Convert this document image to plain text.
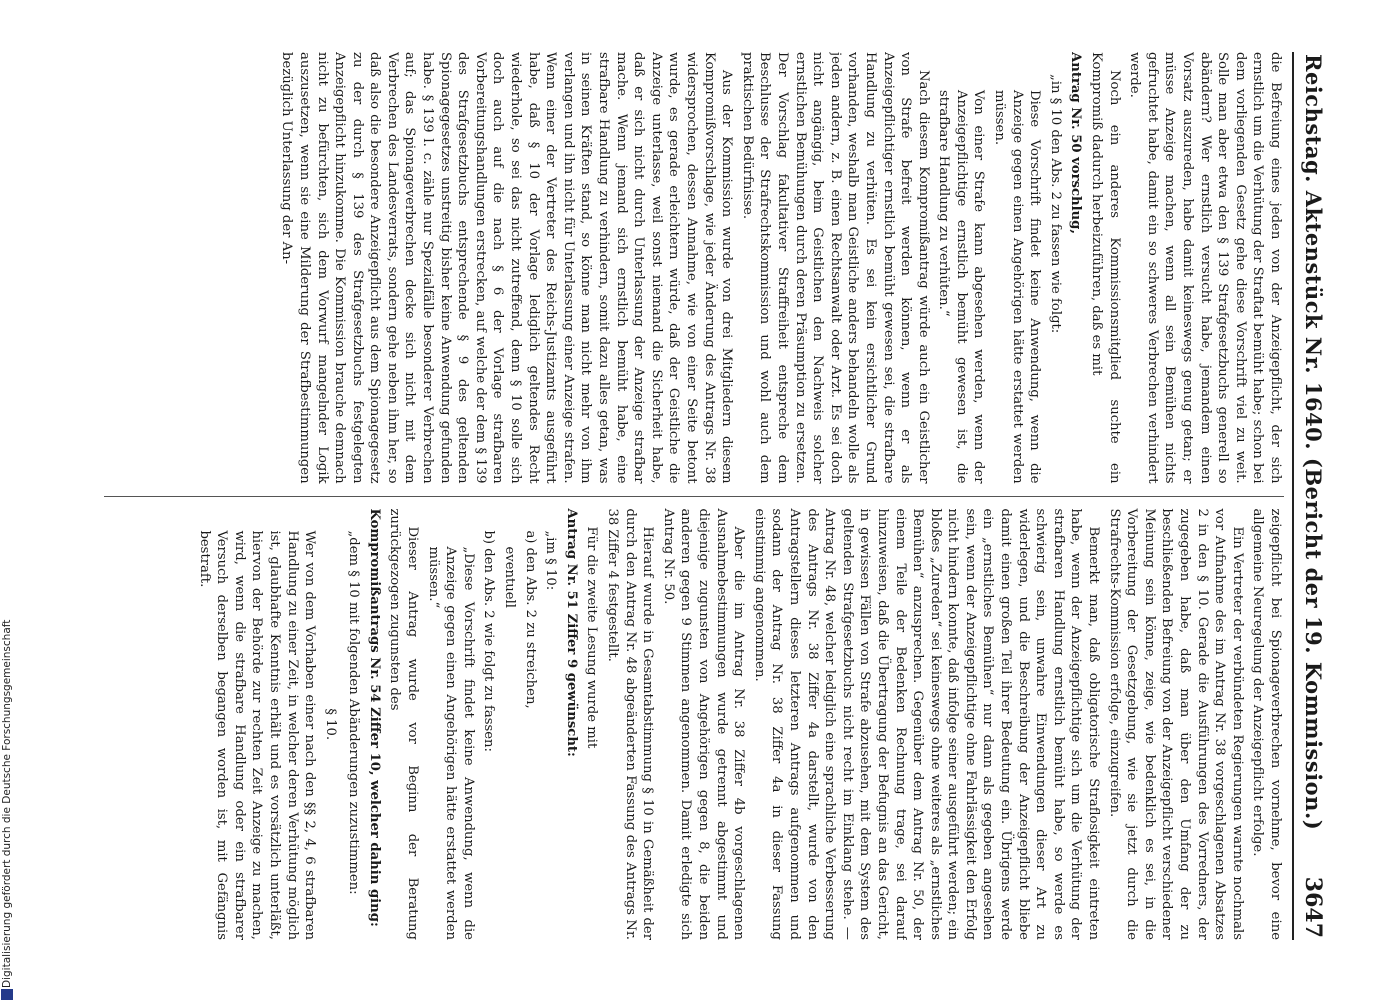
Reichstag. Aktenstück Nr. 1640. (Bericht der 19. Kommission.)
3647

die Befreiung eines jeden von der Anzeigepflicht, der sich ernstlich um die Verhütung der Straftat bemüht habe; schon bei dem vorliegenden Gesetz gehe diese Vorschrift viel zu weit. Solle man aber etwa den § 139 Strafgesetzbuchs generell so abändern? Wer ernstlich versucht habe, jemandem einen Vorsatz auszureden, habe damit keineswegs genug getan; er müsse Anzeige machen, wenn all sein Bemühen nichts gefruchtet habe, damit ein so schweres Verbrechen verhindert werde.

Noch ein anderes Kommissionsmitglied suchte ein Kompromiß dadurch herbeizuführen, daß es mit

Antrag Nr. 50 vorschlug,

„in § 10 den Abs. 2 zu fassen wie folgt:

Diese Vorschrift findet keine Anwendung, wenn die Anzeige gegen einen Angehörigen hätte erstattet werden müssen.

Von einer Strafe kann abgesehen werden, wenn der Anzeigepflichtige ernstlich bemüht gewesen ist, die strafbare Handlung zu verhüten.“

Nach diesem Kompromißantrag würde auch ein Geistlicher von Strafe befreit werden können, wenn er als Anzeigepflichtiger ernstlich bemüht gewesen sei, die strafbare Handlung zu verhüten. Es sei kein ersichtlicher Grund vorhanden, weshalb man Geistliche anders behandeln wolle als jeden andern, z. B. einen Rechtsanwalt oder Arzt. Es sei doch nicht angängig, beim Geistlichen den Nachweis solcher ernstlichen Bemühungen durch deren Präsumption zu ersetzen. Der Vorschlag fakultativer Straffreiheit entspreche dem Beschlusse der Strafrechtskommission und wohl auch dem praktischen Bedürfnisse.

Aus der Kommission wurde von drei Mitgliedern diesem Kompromißvorschlage, wie jeder Änderung des Antrags Nr. 38 widersprochen, dessen Annahme, wie von einer Seite betont wurde, es gerade erleichtern würde, daß der Geistliche die Anzeige unterlasse, weil sonst niemand die Sicherheit habe, daß er sich nicht durch Unterlassung der Anzeige strafbar mache. Wenn jemand sich ernstlich bemüht habe, eine strafbare Handlung zu verhindern, somit dazu alles getan, was in seinen Kräften stand, so könne man nicht mehr von ihm verlangen und ihn nicht für Unterlassung einer Anzeige strafen. Wenn einer der Vertreter des Reichs-Justizamts ausgeführt habe, daß § 10 der Vorlage lediglich geltendes Recht wiederhole, so sei das nicht zutreffend, denn § 10 solle sich doch auch auf die nach § 6 der Vorlage strafbaren Vorbereitungshandlungen erstrecken, auf welche der dem § 139 des Strafgesetzbuchs entsprechende § 9 des geltenden Spionagegesetzes unstreitig bisher keine Anwendung gefunden habe. § 139 l. c. zähle nur Spezialfälle besonderer Verbrechen auf; das Spionageverbrechen decke sich nicht mit dem Verbrechen des Landesverrats, sondern gehe neben ihm her, so daß also die besondere Anzeigepflicht aus dem Spionagegesetz zu der durch § 139 des Strafgesetzbuchs festgelegten Anzeigepflicht hinzukomme. Die Kommission brauche demnach nicht zu befürchten, sich dem Vorwurf mangelnder Logik auszusetzen, wenn sie eine Milderung der Strafbestimmungen bezüglich Unterlassung der An-

zeigepflicht bei Spionageverbrechen vornehme, bevor eine allgemeine Neuregelung der Anzeigepflicht erfolge.

Ein Vertreter der verbündeten Regierungen warnte nochmals vor Aufnahme des im Antrag Nr. 38 vorgeschlagenen Absatzes 2 in den § 10. Gerade die Ausführungen des Vorredners, der zugegeben habe, daß man über den Umfang der zu beschließenden Befreiung von der Anzeigepflicht verschiedener Meinung sein könne, zeige, wie bedenklich es sei, in die Vorbereitung der Gesetzgebung, wie sie jetzt durch die Strafrechts-Kommission erfolge, einzugreifen.

Bemerkt man, daß obligatorische Straflosigkeit eintreten habe, wenn der Anzeigepflichtige sich um die Verhütung der strafbaren Handlung ernstlich bemüht habe, so werde es schwierig sein, unwahre Einwendungen dieser Art zu widerlegen, und die Beschreibung der Anzeigepflicht bliebe damit einen großen Teil ihrer Bedeutung ein. Übrigens werde ein „ernstliches Bemühen“ nur dann als gegeben angesehen sein, wenn der Anzeigepflichtige ohne Fahrlässigkeit den Erfolg nicht hindern konnte, daß infolge seiner ausgeführt werden; ein bloßes „Zureden“ sei keineswegs ohne weiteres als „ernstliches Bemühen“ anzusprechen. Gegenüber dem Antrag Nr. 50, der einem Teile der Bedenken Rechnung trage, sei darauf hinzuweisen, daß die Übertragung der Befugnis an das Gericht, in gewissen Fällen von Strafe abzusehen, mit dem System des geltenden Strafgesetzbuchs nicht recht im Einklang stehe. — Antrag Nr. 48, welcher lediglich eine sprachliche Verbesserung des Antrags Nr. 38 Ziffer 4a darstellt, wurde von den Antragstellern dieses letzteren Antrags aufgenommen und sodann der Antrag Nr. 38 Ziffer 4a in dieser Fassung einstimmig angenommen.

Aber die im Antrag Nr. 38 Ziffer 4b vorgeschlagenen Ausnahmebestimmungen wurde getrennt abgestimmt und diejenige zugunsten von Angehörigen gegen 8, die beiden anderen gegen 9 Stimmen angenommen. Damit erledigte sich Antrag Nr. 50.

Hierauf wurde in Gesamtabstimmung § 10 in Gemäßheit der durch den Antrag Nr. 48 abgeänderten Fassung des Antrags Nr. 38 Ziffer 4 festgestellt.

Für die zweite Lesung wurde mit

Antrag Nr. 51 Ziffer 9 gewünscht:

„im § 10:

a) den Abs. 2 zu streichen,

eventuell

b) den Abs. 2 wie folgt zu fassen:

„Diese Vorschrift findet keine Anwendung, wenn die Anzeige gegen einen Angehörigen hätte erstattet werden müssen.“

Dieser Antrag wurde vor Beginn der Beratung zurückgezogen zugunsten des

Kompromißantrags Nr. 54 Ziffer 10, welcher dahin ging:

„dem § 10 mit folgenden Abänderungen zuzustimmen:

§ 10.

Wer von dem Vorhaben einer nach den §§ 2, 4, 6 strafbaren Handlung zu einer Zeit, in welcher deren Verhütung möglich ist, glaubhafte Kenntnis erhält und es vorsätzlich unterläßt, hiervon der Behörde zur rechten Zeit Anzeige zu machen, wird, wenn die strafbare Handlung oder ein strafbarer Versuch derselben begangen worden ist, mit Gefängnis bestraft.

Digitalisierung gefördert durch die Deutsche Forschungsgemeinschaft
